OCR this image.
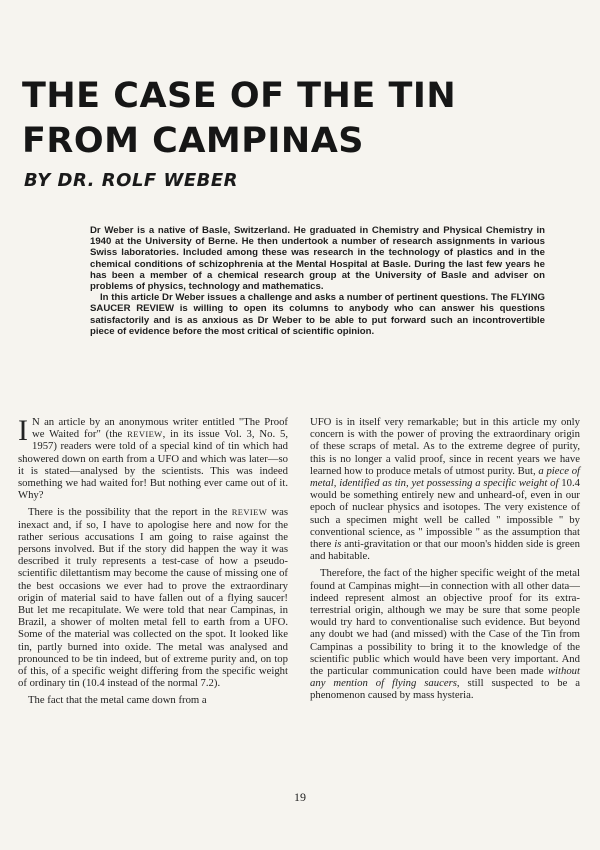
THE CASE OF THE TIN
FROM CAMPINAS
BY DR. ROLF WEBER

Dr Weber is a native of Basle, Switzerland. He graduated in Chemistry and Physical Chemistry in 1940 at the University of Berne. He then undertook a number of research assignments in various Swiss laboratories. Included among these was research in the technology of plastics and in the chemical conditions of schizophrenia at the Mental Hospital at Basle. During the last few years he has been a member of a chemical research group at the University of Basle and adviser on problems of physics, technology and mathematics.

In this article Dr Weber issues a challenge and asks a number of pertinent questions. The FLYING SAUCER REVIEW is willing to open its columns to anybody who can answer his questions satisfactorily and is as anxious as Dr Weber to be able to put forward such an incontrovertible piece of evidence before the most critical of scientific opinion.

I N an article by an anonymous writer entitled "The Proof we Waited for" (the REVIEW, in its issue Vol. 3, No. 5, 1957) readers were told of a special kind of tin which had showered down on earth from a UFO and which was later—so it is stated—analysed by the scientists. This was indeed something we had waited for! But nothing ever came out of it. Why?

There is the possibility that the report in the REVIEW was inexact and, if so, I have to apologise here and now for the rather serious accusations I am going to raise against the persons involved. But if the story did happen the way it was described it truly represents a test-case of how a pseudo-scientific dilettantism may become the cause of missing one of the best occasions we ever had to prove the extraordinary origin of material said to have fallen out of a flying saucer! But let me recapitulate. We were told that near Campinas, in Brazil, a shower of molten metal fell to earth from a UFO. Some of the material was collected on the spot. It looked like tin, partly burned into oxide. The metal was analysed and pronounced to be tin indeed, but of extreme purity and, on top of this, of a specific weight differing from the specific weight of ordinary tin (10.4 instead of the normal 7.2).

The fact that the metal came down from a

UFO is in itself very remarkable; but in this article my only concern is with the power of proving the extraordinary origin of these scraps of metal. As to the extreme degree of purity, this is no longer a valid proof, since in recent years we have learned how to produce metals of utmost purity. But, a piece of metal, identified as tin, yet possessing a specific weight of 10.4 would be something entirely new and unheard-of, even in our epoch of nuclear physics and isotopes. The very existence of such a specimen might well be called " impossible " by conventional science, as " impossible " as the assumption that there is anti-gravitation or that our moon's hidden side is green and habitable.

Therefore, the fact of the higher specific weight of the metal found at Campinas might—in connection with all other data—indeed represent almost an objective proof for its extra-terrestrial origin, although we may be sure that some people would try hard to conventionalise such evidence. But beyond any doubt we had (and missed) with the Case of the Tin from Campinas a possibility to bring it to the knowledge of the scientific public which would have been very important. And the particular communication could have been made without any mention of flying saucers, still suspected to be a phenomenon caused by mass hysteria.

19
